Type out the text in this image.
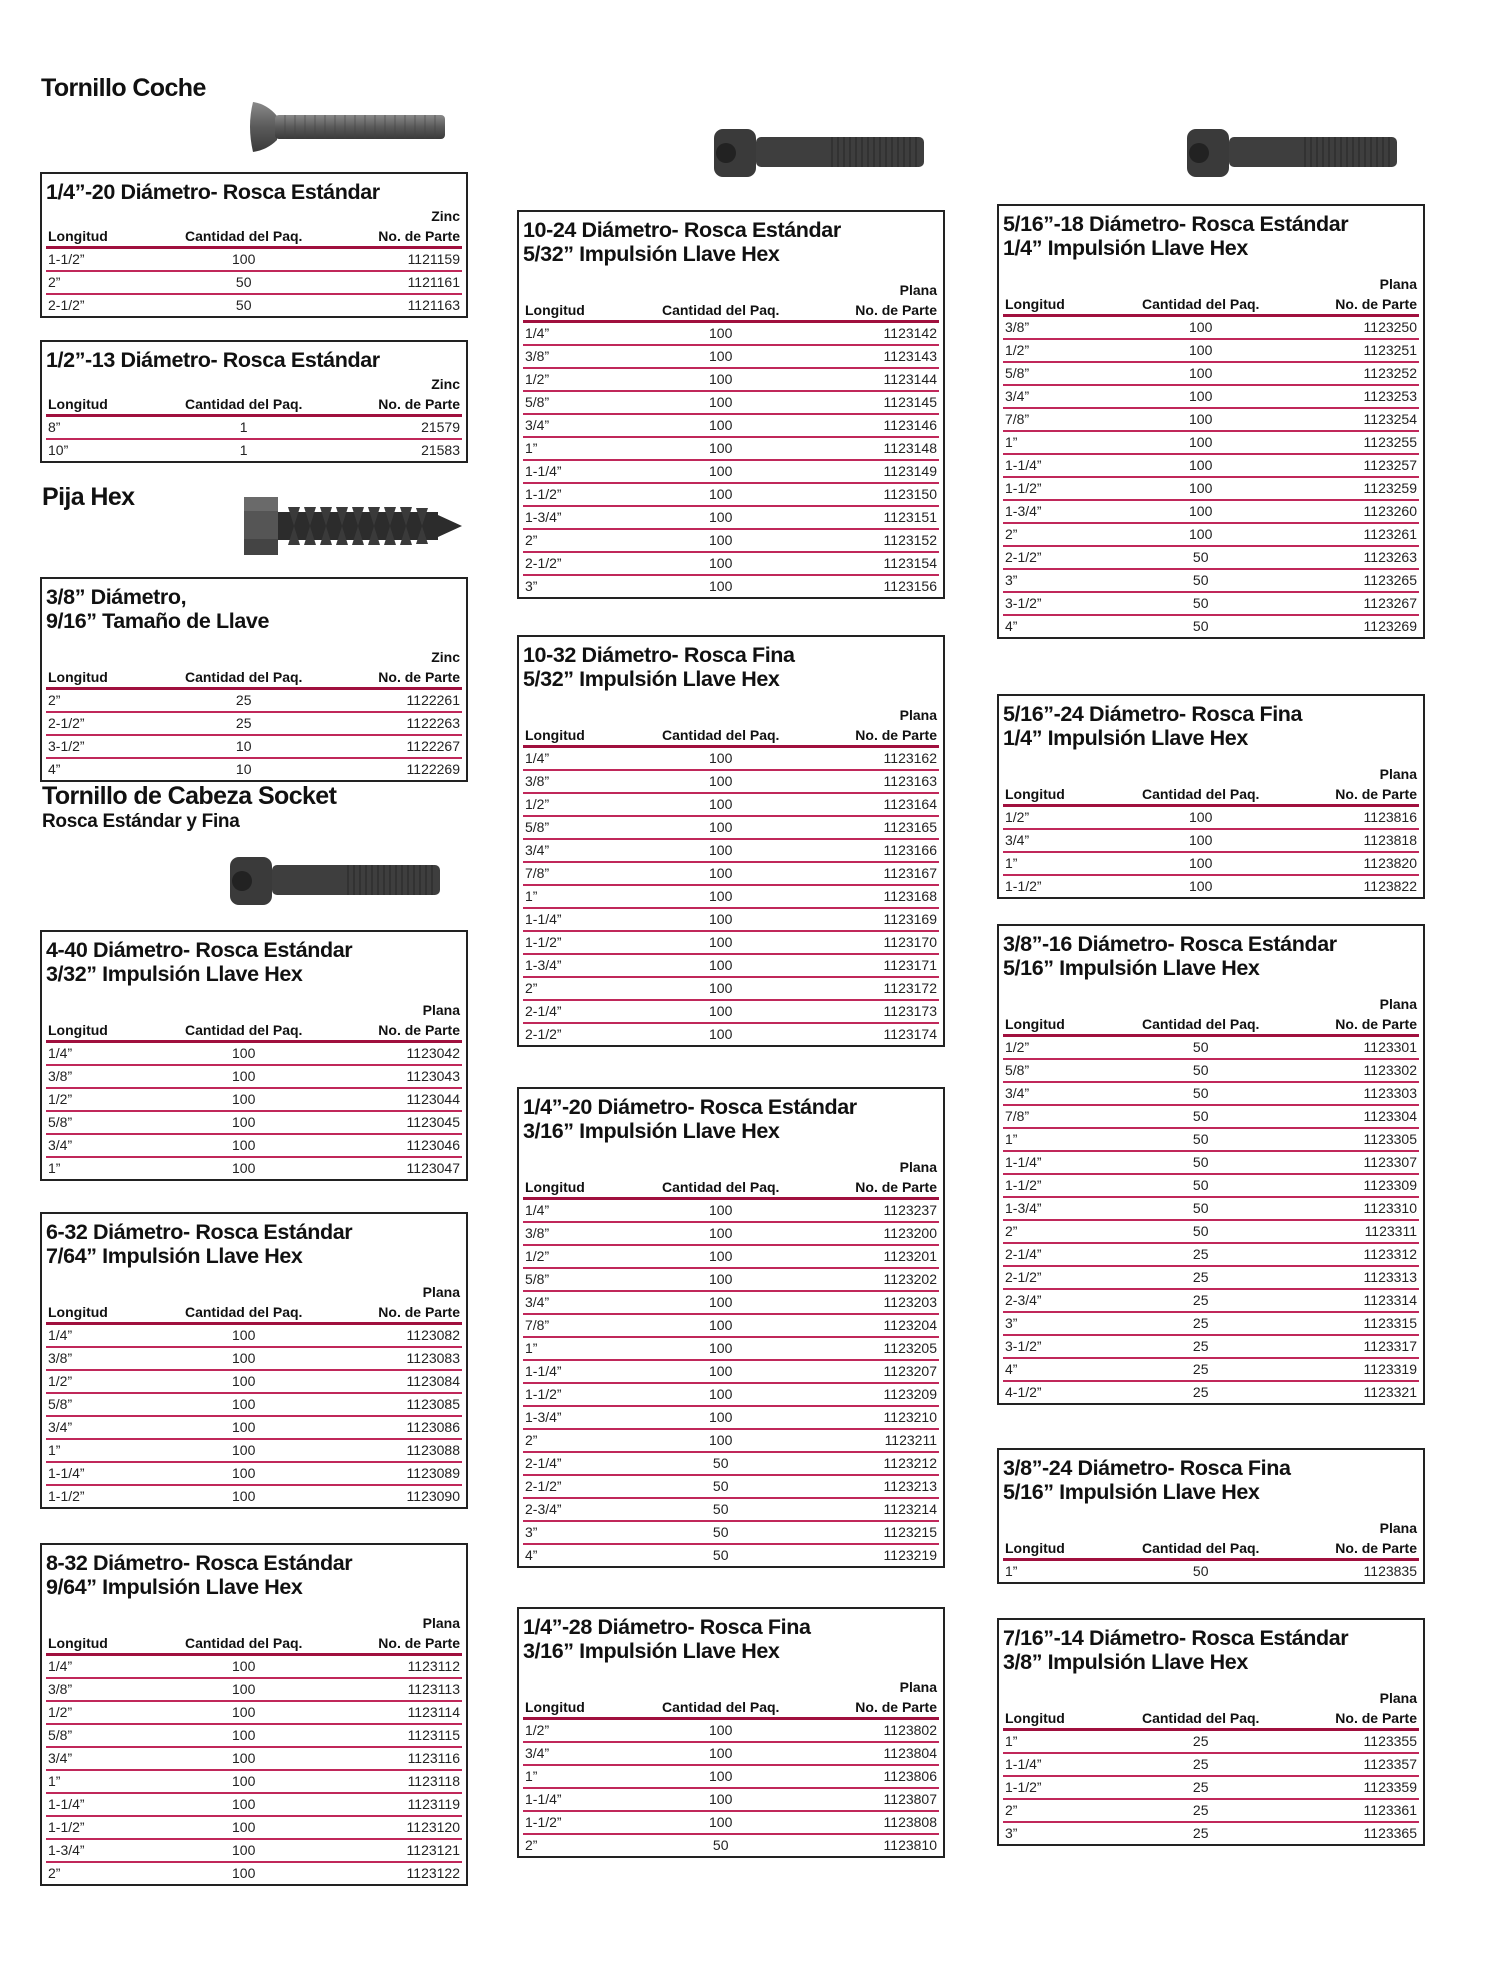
Tornillo Coche
Pija Hex
Tornillo de Cabeza Socket
Rosca Estándar y Fina
1/4”-20 Diámetro- Rosca Estándar
Zinc
Longitud	Cantidad del Paq.	No. de Parte
1-1/2”	100	1121159
2”	50	1121161
2-1/2”	50	1121163
1/2”-13 Diámetro- Rosca Estándar
Zinc
Longitud	Cantidad del Paq.	No. de Parte
8”	1	21579
10”	1	21583
3/8” Diámetro,
9/16” Tamaño de Llave
Zinc
Longitud	Cantidad del Paq.	No. de Parte
2”	25	1122261
2-1/2”	25	1122263
3-1/2”	10	1122267
4”	10	1122269
4-40 Diámetro- Rosca Estándar
3/32” Impulsión Llave Hex
Plana
Longitud	Cantidad del Paq.	No. de Parte
1/4”	100	1123042
3/8”	100	1123043
1/2”	100	1123044
5/8”	100	1123045
3/4”	100	1123046
1”	100	1123047
6-32 Diámetro- Rosca Estándar
7/64” Impulsión Llave Hex
Plana
Longitud	Cantidad del Paq.	No. de Parte
1/4”	100	1123082
3/8”	100	1123083
1/2”	100	1123084
5/8”	100	1123085
3/4”	100	1123086
1”	100	1123088
1-1/4”	100	1123089
1-1/2”	100	1123090
8-32 Diámetro- Rosca Estándar
9/64” Impulsión Llave Hex
Plana
Longitud	Cantidad del Paq.	No. de Parte
1/4”	100	1123112
3/8”	100	1123113
1/2”	100	1123114
5/8”	100	1123115
3/4”	100	1123116
1”	100	1123118
1-1/4”	100	1123119
1-1/2”	100	1123120
1-3/4”	100	1123121
2”	100	1123122
10-24 Diámetro- Rosca Estándar
5/32” Impulsión Llave Hex
Plana
Longitud	Cantidad del Paq.	No. de Parte
1/4”	100	1123142
3/8”	100	1123143
1/2”	100	1123144
5/8”	100	1123145
3/4”	100	1123146
1”	100	1123148
1-1/4”	100	1123149
1-1/2”	100	1123150
1-3/4”	100	1123151
2”	100	1123152
2-1/2”	100	1123154
3”	100	1123156
10-32 Diámetro- Rosca Fina
5/32” Impulsión Llave Hex
Plana
Longitud	Cantidad del Paq.	No. de Parte
1/4”	100	1123162
3/8”	100	1123163
1/2”	100	1123164
5/8”	100	1123165
3/4”	100	1123166
7/8”	100	1123167
1”	100	1123168
1-1/4”	100	1123169
1-1/2”	100	1123170
1-3/4”	100	1123171
2”	100	1123172
2-1/4”	100	1123173
2-1/2”	100	1123174
1/4”-20 Diámetro- Rosca Estándar
3/16” Impulsión Llave Hex
Plana
Longitud	Cantidad del Paq.	No. de Parte
1/4”	100	1123237
3/8”	100	1123200
1/2”	100	1123201
5/8”	100	1123202
3/4”	100	1123203
7/8”	100	1123204
1”	100	1123205
1-1/4”	100	1123207
1-1/2”	100	1123209
1-3/4”	100	1123210
2”	100	1123211
2-1/4”	50	1123212
2-1/2”	50	1123213
2-3/4”	50	1123214
3”	50	1123215
4”	50	1123219
1/4”-28 Diámetro- Rosca Fina
3/16” Impulsión Llave Hex
Plana
Longitud	Cantidad del Paq.	No. de Parte
1/2”	100	1123802
3/4”	100	1123804
1”	100	1123806
1-1/4”	100	1123807
1-1/2”	100	1123808
2”	50	1123810
5/16”-18 Diámetro- Rosca Estándar
1/4” Impulsión Llave Hex
Plana
Longitud	Cantidad del Paq.	No. de Parte
3/8”	100	1123250
1/2”	100	1123251
5/8”	100	1123252
3/4”	100	1123253
7/8”	100	1123254
1”	100	1123255
1-1/4”	100	1123257
1-1/2”	100	1123259
1-3/4”	100	1123260
2”	100	1123261
2-1/2”	50	1123263
3”	50	1123265
3-1/2”	50	1123267
4”	50	1123269
5/16”-24 Diámetro- Rosca Fina
1/4” Impulsión Llave Hex
Plana
Longitud	Cantidad del Paq.	No. de Parte
1/2”	100	1123816
3/4”	100	1123818
1”	100	1123820
1-1/2”	100	1123822
3/8”-16 Diámetro- Rosca Estándar
5/16” Impulsión Llave Hex
Plana
Longitud	Cantidad del Paq.	No. de Parte
1/2”	50	1123301
5/8”	50	1123302
3/4”	50	1123303
7/8”	50	1123304
1”	50	1123305
1-1/4”	50	1123307
1-1/2”	50	1123309
1-3/4”	50	1123310
2”	50	1123311
2-1/4”	25	1123312
2-1/2”	25	1123313
2-3/4”	25	1123314
3”	25	1123315
3-1/2”	25	1123317
4”	25	1123319
4-1/2”	25	1123321
3/8”-24 Diámetro- Rosca Fina
5/16” Impulsión Llave Hex
Plana
Longitud	Cantidad del Paq.	No. de Parte
1”	50	1123835
7/16”-14 Diámetro- Rosca Estándar
3/8” Impulsión Llave Hex
Plana
Longitud	Cantidad del Paq.	No. de Parte
1”	25	1123355
1-1/4”	25	1123357
1-1/2”	25	1123359
2”	25	1123361
3”	25	1123365
